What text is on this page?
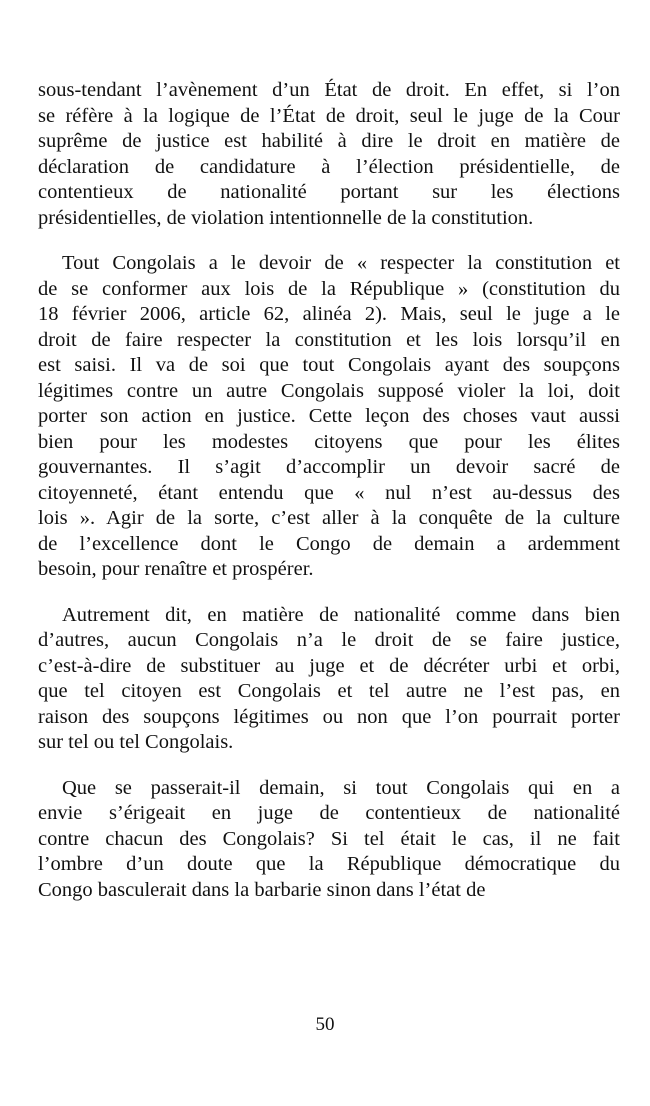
sous-tendant l’avènement d’un État de droit. En effet, si l’on
se réfère à la logique de l’État de droit, seul le juge de la Cour
suprême de justice est habilité à dire le droit en matière de
déclaration de candidature à l’élection présidentielle, de
contentieux de nationalité portant sur les élections
présidentielles, de violation intentionnelle de la constitution.
Tout Congolais a le devoir de « respecter la constitution et
de se conformer aux lois de la République » (constitution du
18 février 2006, article 62, alinéa 2). Mais, seul le juge a le
droit de faire respecter la constitution et les lois lorsqu’il en
est saisi. Il va de soi que tout Congolais ayant des soupçons
légitimes contre un autre Congolais supposé violer la loi, doit
porter son action en justice. Cette leçon des choses vaut aussi
bien pour les modestes citoyens que pour les élites
gouvernantes. Il s’agit d’accomplir un devoir sacré de
citoyenneté, étant entendu que « nul n’est au-dessus des
lois ». Agir de la sorte, c’est aller à la conquête de la culture
de l’excellence dont le Congo de demain a ardemment
besoin, pour renaître et prospérer.
Autrement dit, en matière de nationalité comme dans bien
d’autres, aucun Congolais n’a le droit de se faire justice,
c’est-à-dire de substituer au juge et de décréter urbi et orbi,
que tel citoyen est Congolais et tel autre ne l’est pas, en
raison des soupçons légitimes ou non que l’on pourrait porter
sur tel ou tel Congolais.
Que se passerait-il demain, si tout Congolais qui en a
envie s’érigeait en juge de contentieux de nationalité
contre chacun des Congolais? Si tel était le cas, il ne fait
l’ombre d’un doute que la République démocratique du
Congo basculerait dans la barbarie sinon dans l’état de
50
